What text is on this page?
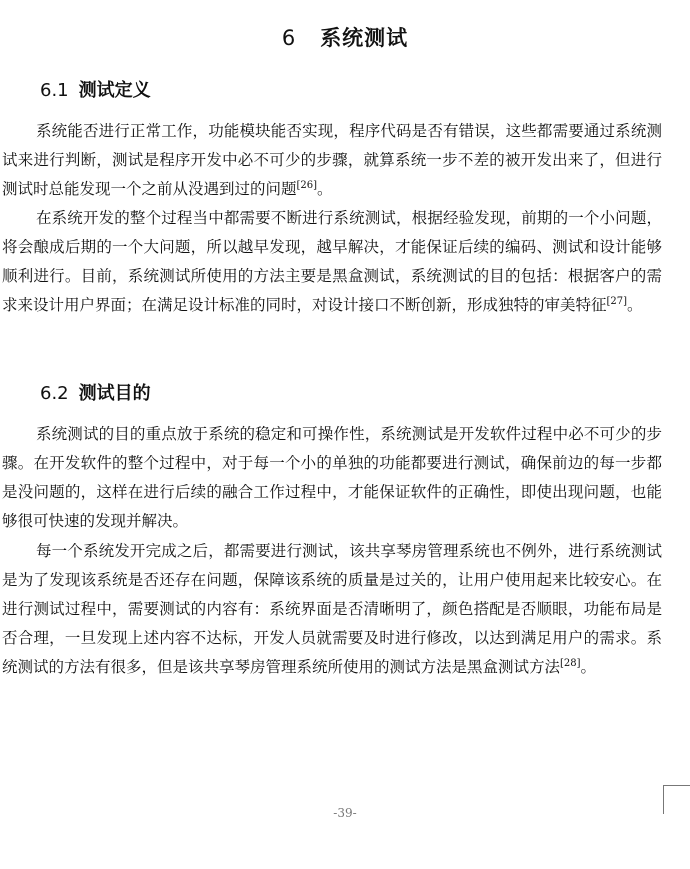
6 系统测试
6.1 测试定义

系统能否进行正常工作，功能模块能否实现，程序代码是否有错误，这些都需要通过系统测试来进行判断，测试是程序开发中必不可少的步骤，就算系统一步不差的被开发出来了，但进行测试时总能发现一个之前从没遇到过的问题[26]。

在系统开发的整个过程当中都需要不断进行系统测试，根据经验发现，前期的一个小问题，将会酿成后期的一个大问题，所以越早发现，越早解决，才能保证后续的编码、测试和设计能够顺利进行。目前，系统测试所使用的方法主要是黑盒测试，系统测试的目的包括：根据客户的需求来设计用户界面；在满足设计标准的同时，对设计接口不断创新，形成独特的审美特征[27]。

6.2 测试目的

系统测试的目的重点放于系统的稳定和可操作性，系统测试是开发软件过程中必不可少的步骤。在开发软件的整个过程中，对于每一个小的单独的功能都要进行测试，确保前边的每一步都是没问题的，这样在进行后续的融合工作过程中，才能保证软件的正确性，即使出现问题，也能够很可快速的发现并解决。

每一个系统发开完成之后，都需要进行测试，该共享琴房管理系统也不例外，进行系统测试是为了发现该系统是否还存在问题，保障该系统的质量是过关的，让用户使用起来比较安心。在进行测试过程中，需要测试的内容有：系统界面是否清晰明了，颜色搭配是否顺眼，功能布局是否合理，一旦发现上述内容不达标，开发人员就需要及时进行修改，以达到满足用户的需求。系统测试的方法有很多，但是该共享琴房管理系统所使用的测试方法是黑盒测试方法[28]。

-39-
